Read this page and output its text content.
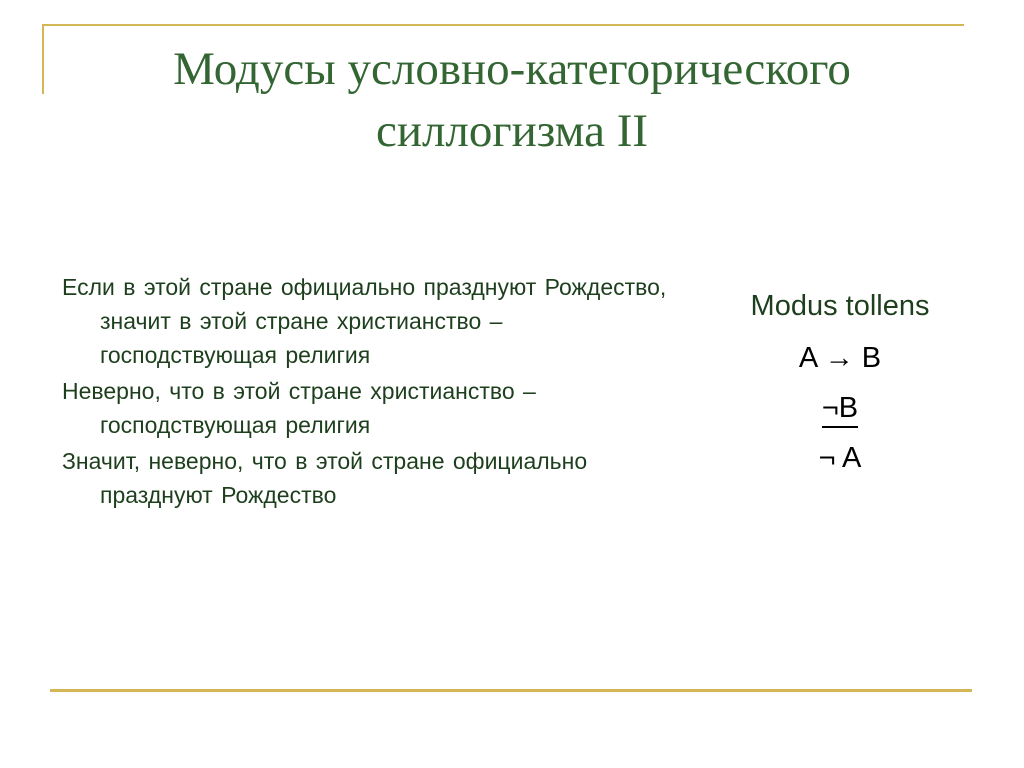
Модусы условно-категорического
силлогизма II

Если в этой стране официально празднуют Рождество, значит в этой стране христианство – господствующая религия

Неверно, что в этой стране христианство – господствующая религия

Значит, неверно, что в этой стране официально празднуют Рождество

Modus tollens
A → B
¬B
¬ A
